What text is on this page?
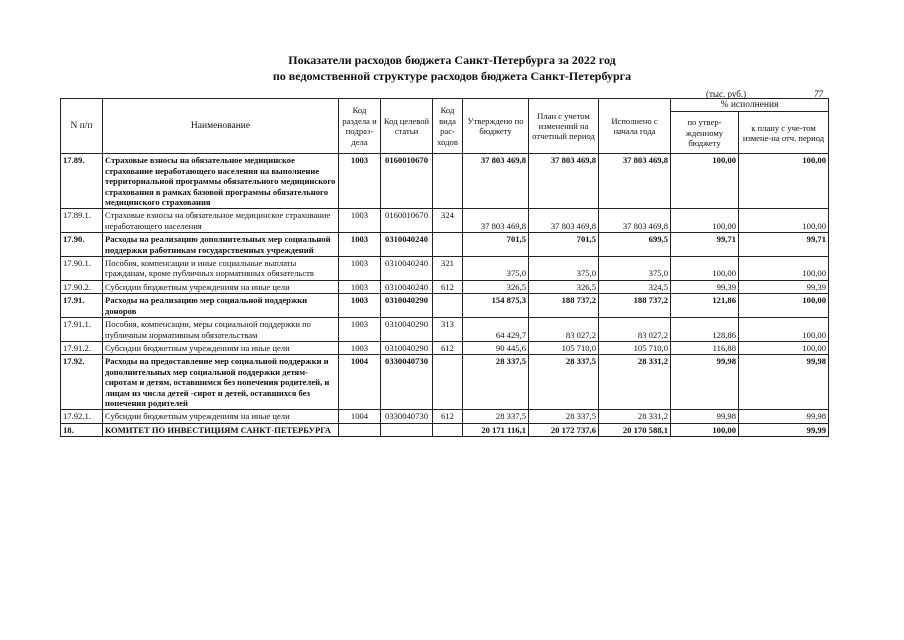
Показатели расходов бюджета Санкт-Петербурга за 2022 год
по ведомственной структуре расходов бюджета Санкт-Петербурга
(тыс. руб.)	77
N п/п	Наименование	Код раздела и подраз-дела	Код целевой статьи	Код вида рас-ходов	Утверждено по бюджету	План с учетом изменений на отчетный период	Исполнено с начала года	% исполнения	
								по утвер-жденному бюджету	к плану с уче-том измене-на отч. период
17.89.	Страховые взносы на обязательное медицинское страхование неработающего населения на выполнение территориальной программы обязательного медицинского страхования в рамках базовой программы обязательного медицинского страхования	1003	0160010670		37 803 469,8	37 803 469,8	37 803 469,8	100,00	100,00
17.89.1.	Страховые взносы на обязательное медицинское страхование неработающего населения	1003	0160010670	324	37 803 469,8	37 803 469,8	37 803 469,8	100,00	100,00
17.90.	Расходы на реализацию дополнительных мер социальной поддержки работникам государственных учреждений	1003	0310040240		701,5	701,5	699,5	99,71	99,71
17.90.1.	Пособия, компенсации и иные социальные выплаты гражданам, кроме публичных нормативных обязательств	1003	0310040240	321	375,0	375,0	375,0	100,00	100,00
17.90.2.	Субсидии бюджетным учреждениям на иные цели	1003	0310040240	612	326,5	326,5	324,5	99,39	99,39
17.91.	Расходы на реализацию мер социальной поддержки доноров	1003	0310040290		154 875,3	188 737,2	188 737,2	121,86	100,00
17.91.1.	Пособия, компенсации, меры социальной поддержки по публичным нормативным обязательствам	1003	0310040290	313	64 429,7	83 027,2	83 027,2	128,86	100,00
17.91.2.	Субсидии бюджетным учреждениям на иные цели	1003	0310040290	612	90 445,6	105 710,0	105 710,0	116,88	100,00
17.92.	Расходы на предоставление мер социальной поддержки и дополнительных мер социальной поддержки детям-сиротам и детям, оставшимся без попечения родителей, и лицам из числа детей -сирот и детей, оставшихся без попечения родителей	1004	0330040730		28 337,5	28 337,5	28 331,2	99,98	99,98
17.92.1.	Субсидии бюджетным учреждениям на иные цели	1004	0330040730	612	28 337,5	28 337,5	28 331,2	99,98	99,98
18.	КОМИТЕТ ПО ИНВЕСТИЦИЯМ САНКТ-ПЕТЕРБУРГА				20 171 116,1	20 172 737,6	20 170 588,1	100,00	99,99
